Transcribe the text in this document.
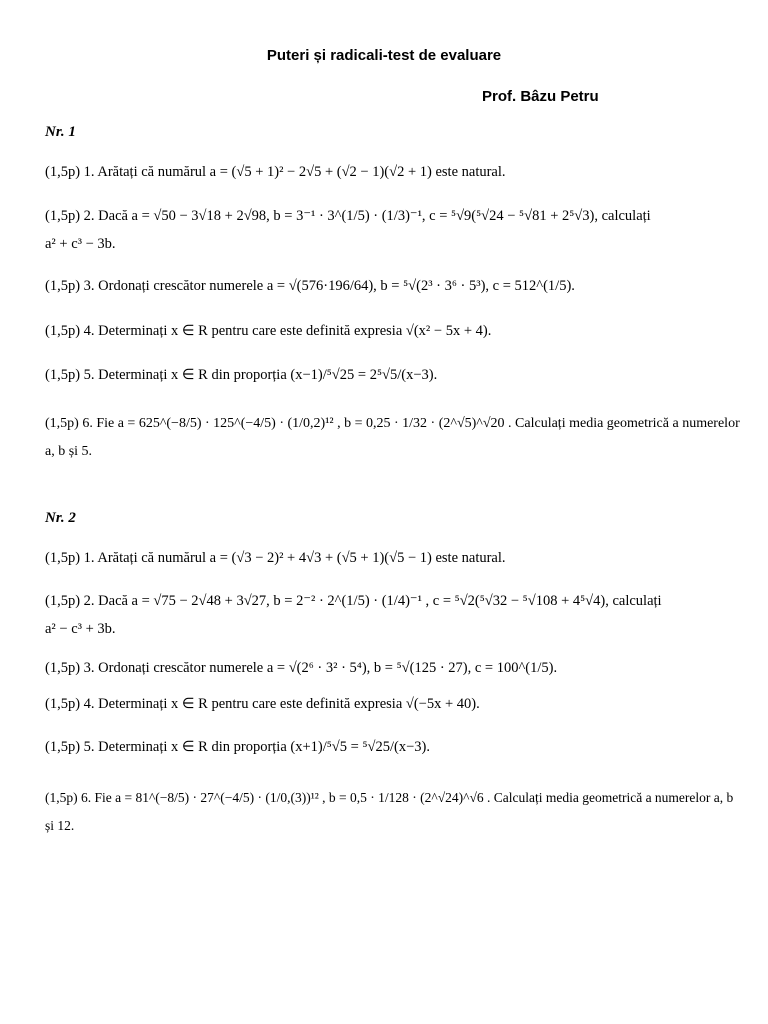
Puteri și radicali-test de evaluare
Prof. Bâzu Petru
Nr. 1
(1,5p) 1. Arătați că numărul a = (√5 + 1)² − 2√5 + (√2 − 1)(√2 + 1) este natural.
(1,5p) 2. Dacă a = √50 − 3√18 + 2√98, b = 3⁻¹ · 3^(1/5) · (1/3)⁻¹, c = ⁵√9(⁵√24 − ⁵√81 + 2⁵√3), calculați
a² + c³ − 3b.
(1,5p) 3. Ordonați crescător numerele a = √(576·196/64), b = ⁵√(2³ · 3⁶ · 5³), c = 512^(1/5).
(1,5p) 4. Determinați x ∈ R pentru care este definită expresia √(x² − 5x + 4).
(1,5p) 5. Determinați x ∈ R din proporția (x−1)/⁵√25 = 2⁵√5/(x−3).
(1,5p) 6. Fie a = 625^(−8/5) · 125^(−4/5) · (1/0,2)¹² , b = 0,25 · 1/32 · (2^√5)^√20 . Calculați media geometrică a numerelor
a, b și 5.
Nr. 2
(1,5p) 1. Arătați că numărul a = (√3 − 2)² + 4√3 + (√5 + 1)(√5 − 1) este natural.
(1,5p) 2. Dacă a = √75 − 2√48 + 3√27, b = 2⁻² · 2^(1/5) · (1/4)⁻¹ , c = ⁵√2(⁵√32 − ⁵√108 + 4⁵√4), calculați
a² − c³ + 3b.
(1,5p) 3. Ordonați crescător numerele a = √(2⁶ · 3² · 5⁴), b = ⁵√(125 · 27), c = 100^(1/5).
(1,5p) 4. Determinați x ∈ R pentru care este definită expresia √(−5x + 40).
(1,5p) 5. Determinați x ∈ R din proporția (x+1)/⁵√5 = ⁵√25/(x−3).
(1,5p) 6. Fie a = 81^(−8/5) · 27^(−4/5) · (1/0,(3))¹² , b = 0,5 · 1/128 · (2^√24)^√6 . Calculați media geometrică a numerelor a, b
și 12.
